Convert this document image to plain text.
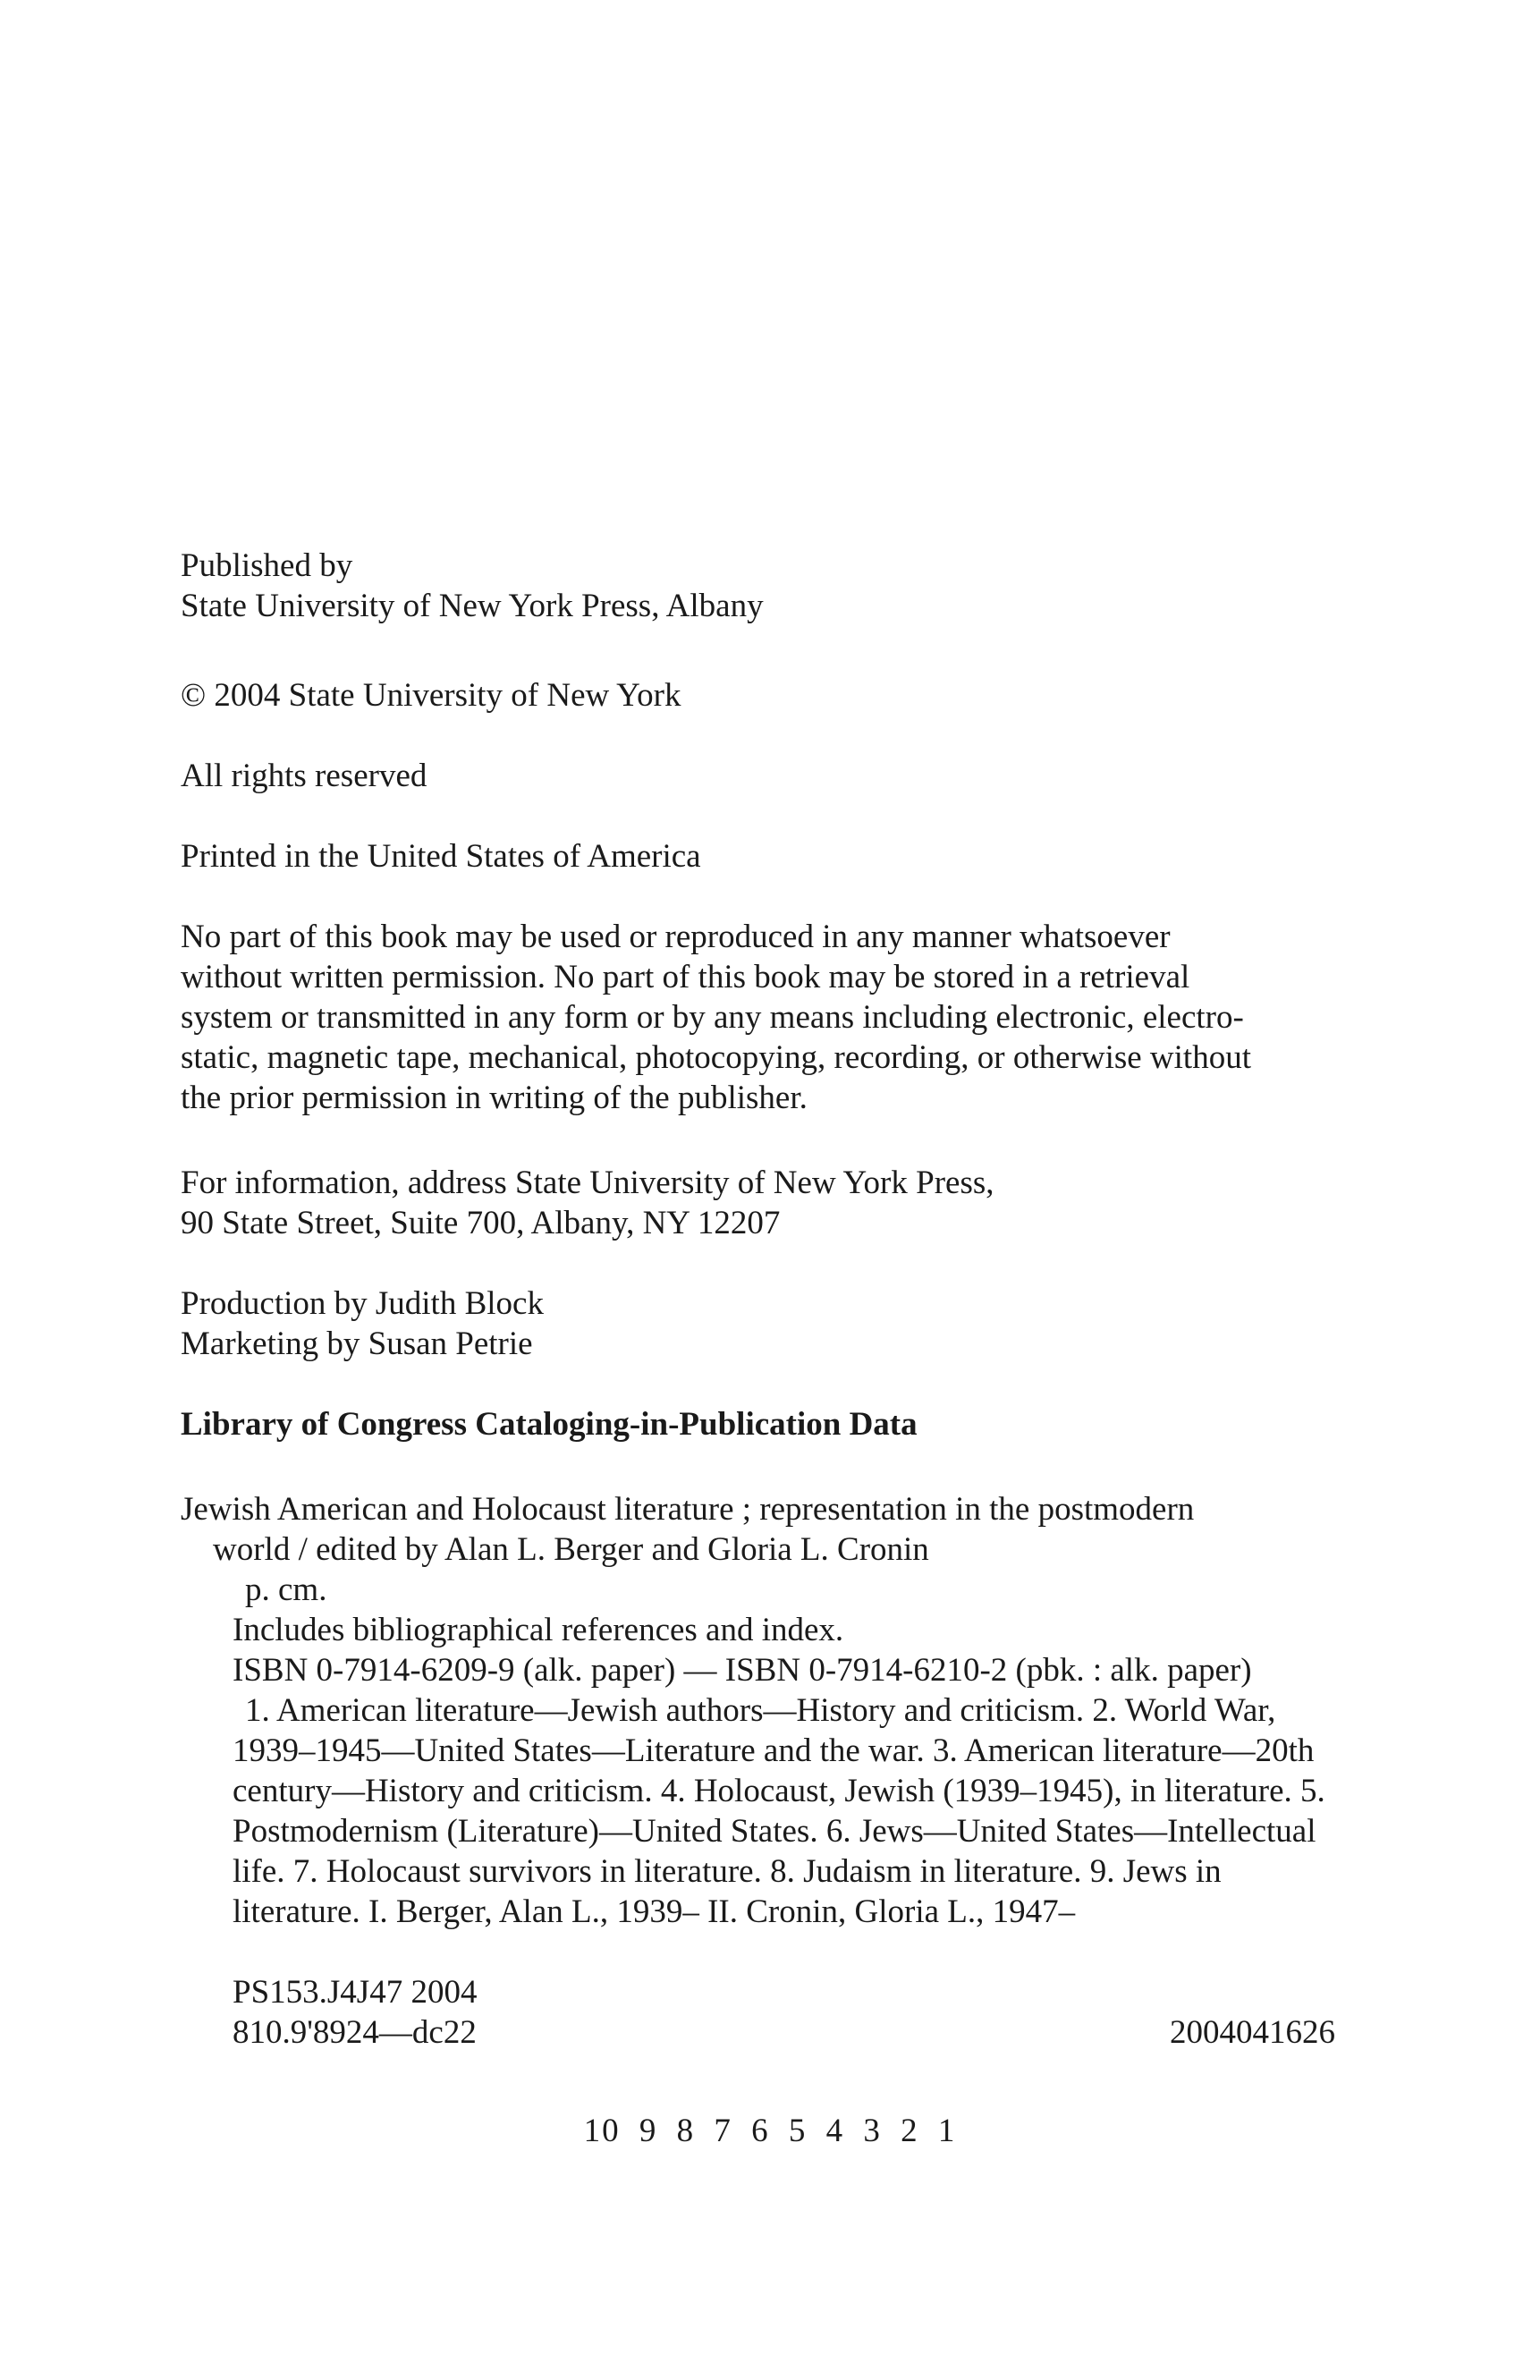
Published by
State University of New York Press, Albany
© 2004 State University of New York
All rights reserved
Printed in the United States of America
No part of this book may be used or reproduced in any manner whatsoever
without written permission. No part of this book may be stored in a retrieval
system or transmitted in any form or by any means including electronic, electro-
static, magnetic tape, mechanical, photocopying, recording, or otherwise without
the prior permission in writing of the publisher.
For information, address State University of New York Press,
90 State Street, Suite 700, Albany, NY 12207
Production by Judith Block
Marketing by Susan Petrie
Library of Congress Cataloging-in-Publication Data
Jewish American and Holocaust literature ; representation in the postmodern
world / edited by Alan L. Berger and Gloria L. Cronin
p. cm.
Includes bibliographical references and index.
ISBN 0-7914-6209-9 (alk. paper) — ISBN 0-7914-6210-2 (pbk. : alk. paper)
1. American literature—Jewish authors—History and criticism. 2. World War,
1939–1945—United States—Literature and the war. 3. American literature—20th
century—History and criticism. 4. Holocaust, Jewish (1939–1945), in literature. 5.
Postmodernism (Literature)—United States. 6. Jews—United States—Intellectual
life. 7. Holocaust survivors in literature. 8. Judaism in literature. 9. Jews in
literature. I. Berger, Alan L., 1939– II. Cronin, Gloria L., 1947–
PS153.J4J47 2004
810.9'8924—dc22	2004041626
10 9 8 7 6 5 4 3 2 1
